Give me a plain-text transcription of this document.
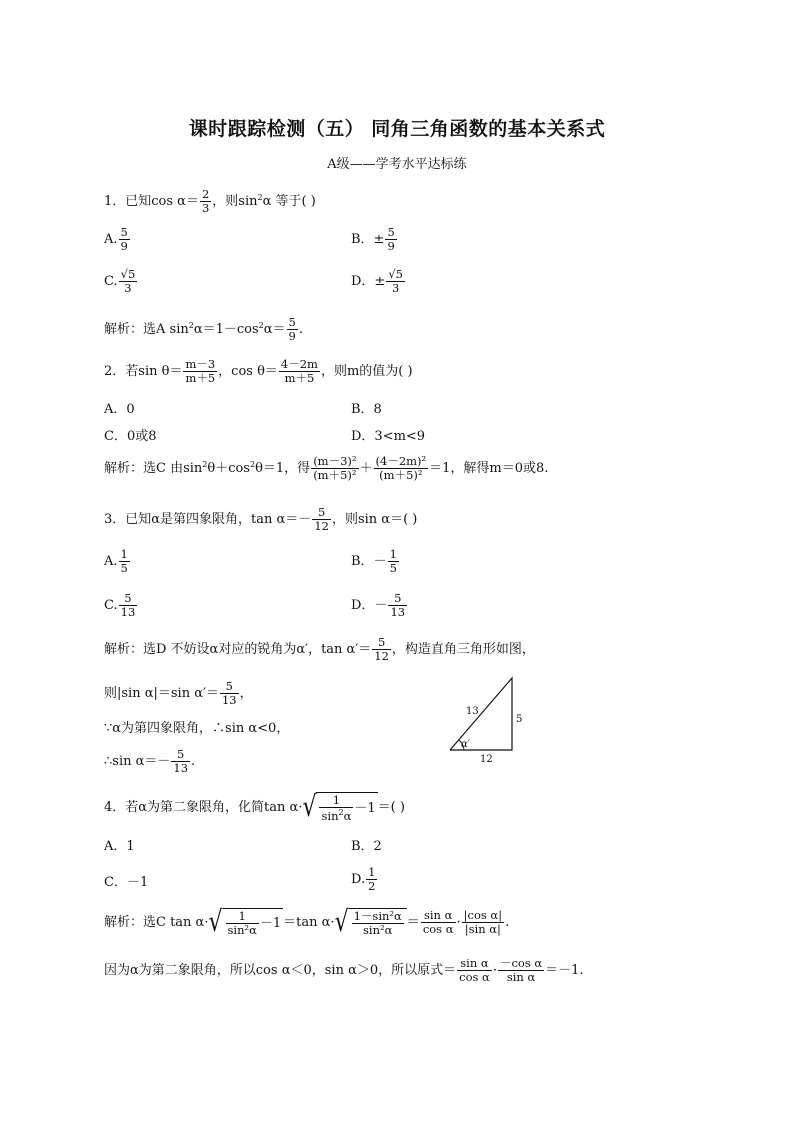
课时跟踪检测（五） 同角三角函数的基本关系式
A级——学考水平达标练
1．已知$\cos \alpha= \frac{2}{3}$ ，则$\sin^2\alpha$ 等于( )
A. $\frac{5}{9}$	B．± $\frac{5}{9}$
C. $\frac{√5}{3}$	D．± $\frac{√5}{3}$
解析：选A $\sin^2\alpha=1-\cos^2\alpha= \frac{5}{9}$ .
2．若$\sin \theta= \frac{m-3}{m+5}$ ，$\cos \theta= \frac{4-2m}{m+5}$ ，则m的值为( )
A．0	B．8
C．0或8	D．3<m<9
解析：选C 由$\sin^2\theta+\cos^2\theta=1$，得 $\frac{\text{(m－3)²}}{\text{(m＋5)²}} + \frac{\text{(4－2m)²}}{\text{(m＋5)²}} =1$，解得m＝0或8.
3．已知α是第四象限角，$\tan \alpha=- \frac{5}{12}$ ，则sin α＝( )
A. $\frac{1}{5}$	B．－ $\frac{1}{5}$
C. $\frac{5}{13}$	D．－ $\frac{5}{13}$
解析：选D 不妨设α对应的锐角为α′，$\tan \alpha'= \frac{5}{12}$ ，构造直角三角形如图，
则|sin α|＝sin $\alpha'= \frac{5}{13}$ ，
∵α为第四象限角，∴sin α<0，
∴sin $\alpha=- \frac{5}{13}$ .
13
5
12
α′
4．若α为第二象限角，化简$\tan \alpha\cdot√ \frac{1}{\sin^2\alpha} -1$ ＝( )
A．1	B．2
C．－1	D. $\frac{1}{2}$
解析：选C $\tan \alpha\cdot√ \frac{1}{\text{sin²α}} -1 =\tan$ $\alpha\cdot√ \frac{\text{1－sin²α}}{\text{sin²α}} = \frac{\text{sin α}}{\text{cos α}} \cdot \frac{\text{|cos α|}}{\text{|sin α|}}$ .
因为α为第二象限角，所以cos α＜0，sin α＞0，所以原式＝ $\frac{\text{sin α}}{\text{cos α}} \cdot \frac{\text{－cos α}}{\text{sin α}} =-1$.
